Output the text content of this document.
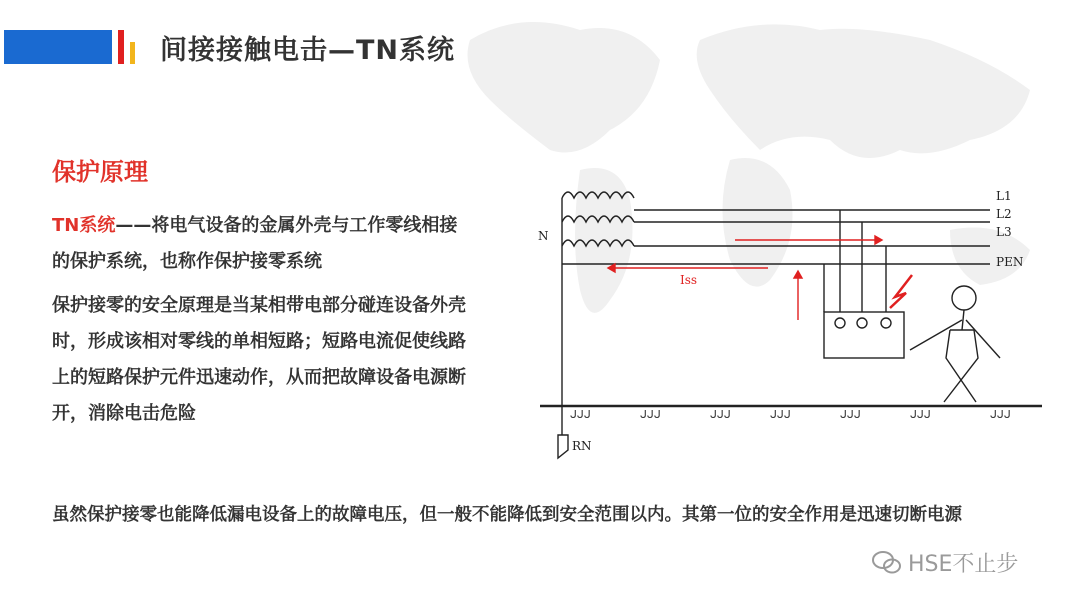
间接接触电击—TN系统
保护原理
TN系统——将电气设备的金属外壳与工作零线相接的保护系统，也称作保护接零系统
保护接零的安全原理是当某相带电部分碰连设备外壳时，形成该相对零线的单相短路；短路电流促使线路上的短路保护元件迅速动作，从而把故障设备电源断开，消除电击危险
虽然保护接零也能降低漏电设备上的故障电压，但一般不能降低到安全范围以内。其第一位的安全作用是迅速切断电源
ᒍᒍᒍ	ᒍᒍᒍ	ᒍᒍᒍ	ᒍᒍᒍ	ᒍᒍᒍ	ᒍᒍᒍ	ᒍᒍᒍ
N
L1
L2
L3
PEN
RN
Iss
HSE不止步
